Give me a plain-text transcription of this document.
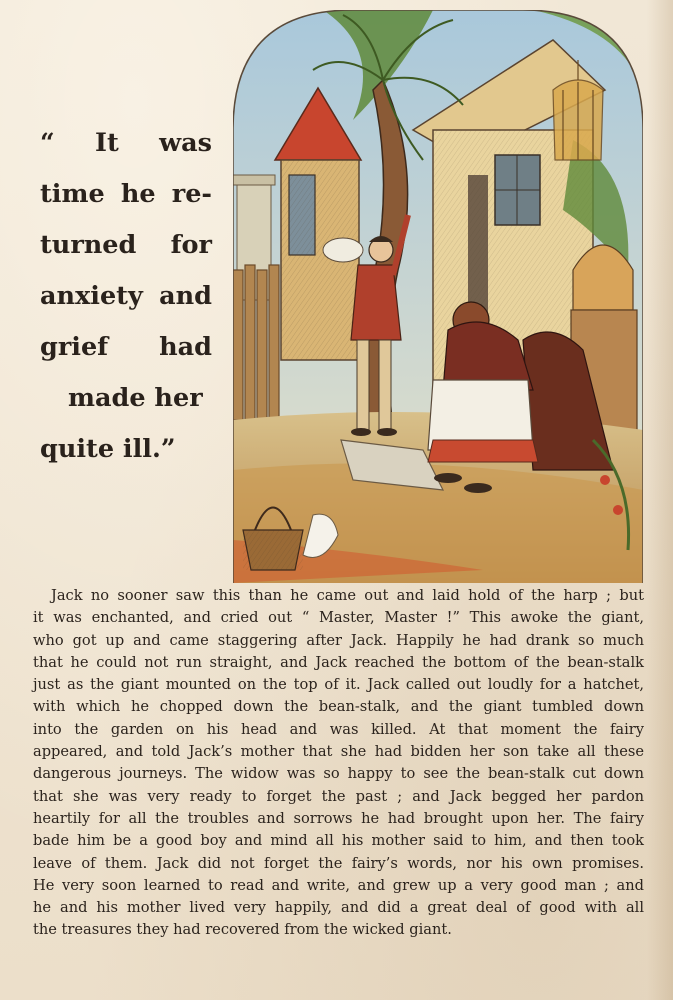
“ It was
time he re-
turned for
anxiety and
grief had
made her
quite ill.”

Jack no sooner saw this than he came out and laid hold of the harp ; but
it was enchanted, and cried out “ Master, Master !” This awoke the giant,
who got up and came staggering after Jack. Happily he had drank so much
that he could not run straight, and Jack reached the bottom of the bean-stalk
just as the giant mounted on the top of it. Jack called out loudly for a hatchet,
with which he chopped down the bean-stalk, and the giant tumbled down
into the garden on his head and was killed. At that moment the fairy
appeared, and told Jack’s mother that she had bidden her son take all these
dangerous journeys. The widow was so happy to see the bean-stalk cut down
that she was very ready to forget the past ; and Jack begged her pardon
heartily for all the troubles and sorrows he had brought upon her. The fairy
bade him be a good boy and mind all his mother said to him, and then took
leave of them. Jack did not forget the fairy’s words, nor his own promises.
He very soon learned to read and write, and grew up a very good man ; and
he and his mother lived very happily, and did a great deal of good with all
the treasures they had recovered from the wicked giant.
